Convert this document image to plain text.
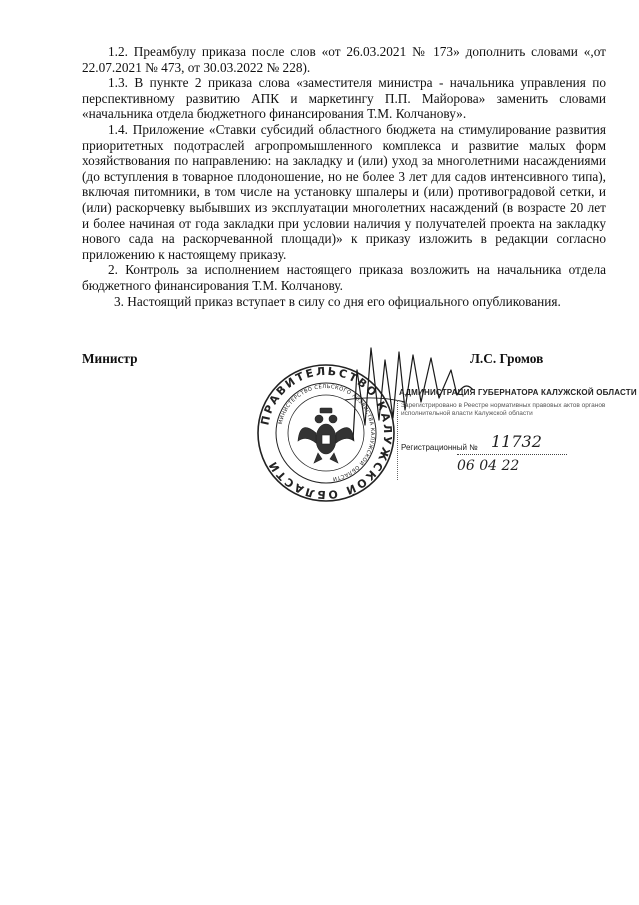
1.2. Преамбулу приказа после слов «от 26.03.2021 № 173» дополнить словами «,от 22.07.2021 № 473, от 30.03.2022 № 228).

1.3. В пункте 2 приказа слова «заместителя министра - начальника управления по перспективному развитию АПК и маркетингу П.П. Майорова» заменить словами «начальника отдела бюджетного финансирования Т.М. Колчанову».

1.4. Приложение «Ставки субсидий областного бюджета на стимулирование развития приоритетных подотраслей агропромышленного комплекса и развитие малых форм хозяйствования по направлению: на закладку и (или) уход за многолетними насаждениями (до вступления в товарное плодоношение, но не более 3 лет для садов интенсивного типа), включая питомники, в том числе на установку шпалеры и (или) противоградовой сетки, и (или) раскорчевку выбывших из эксплуатации многолетних насаждений (в возрасте 20 лет и более начиная от года закладки при условии наличия у получателей проекта на закладку нового сада на раскорчеванной площади)» к приказу изложить в редакции согласно приложению к настоящему приказу.

2. Контроль за исполнением настоящего приказа возложить на начальника отдела бюджетного финансирования Т.М. Колчанову.

3. Настоящий приказ вступает в силу со дня его официального опубликования.

Министр	Л.С. Громов
ПРАВИТЕЛЬСТВО КАЛУЖСКОЙ ОБЛАСТИ
МИНИСТЕРСТВО СЕЛЬСКОГО ХОЗЯЙСТВА КАЛУЖСКОЙ ОБЛАСТИ
АДМИНИСТРАЦИЯ ГУБЕРНАТОРА КАЛУЖСКОЙ ОБЛАСТИ
Зарегистрировано в Реестре нормативных правовых актов органов исполнительной власти Калужской области
Регистрационный № 11732
06 04 22
